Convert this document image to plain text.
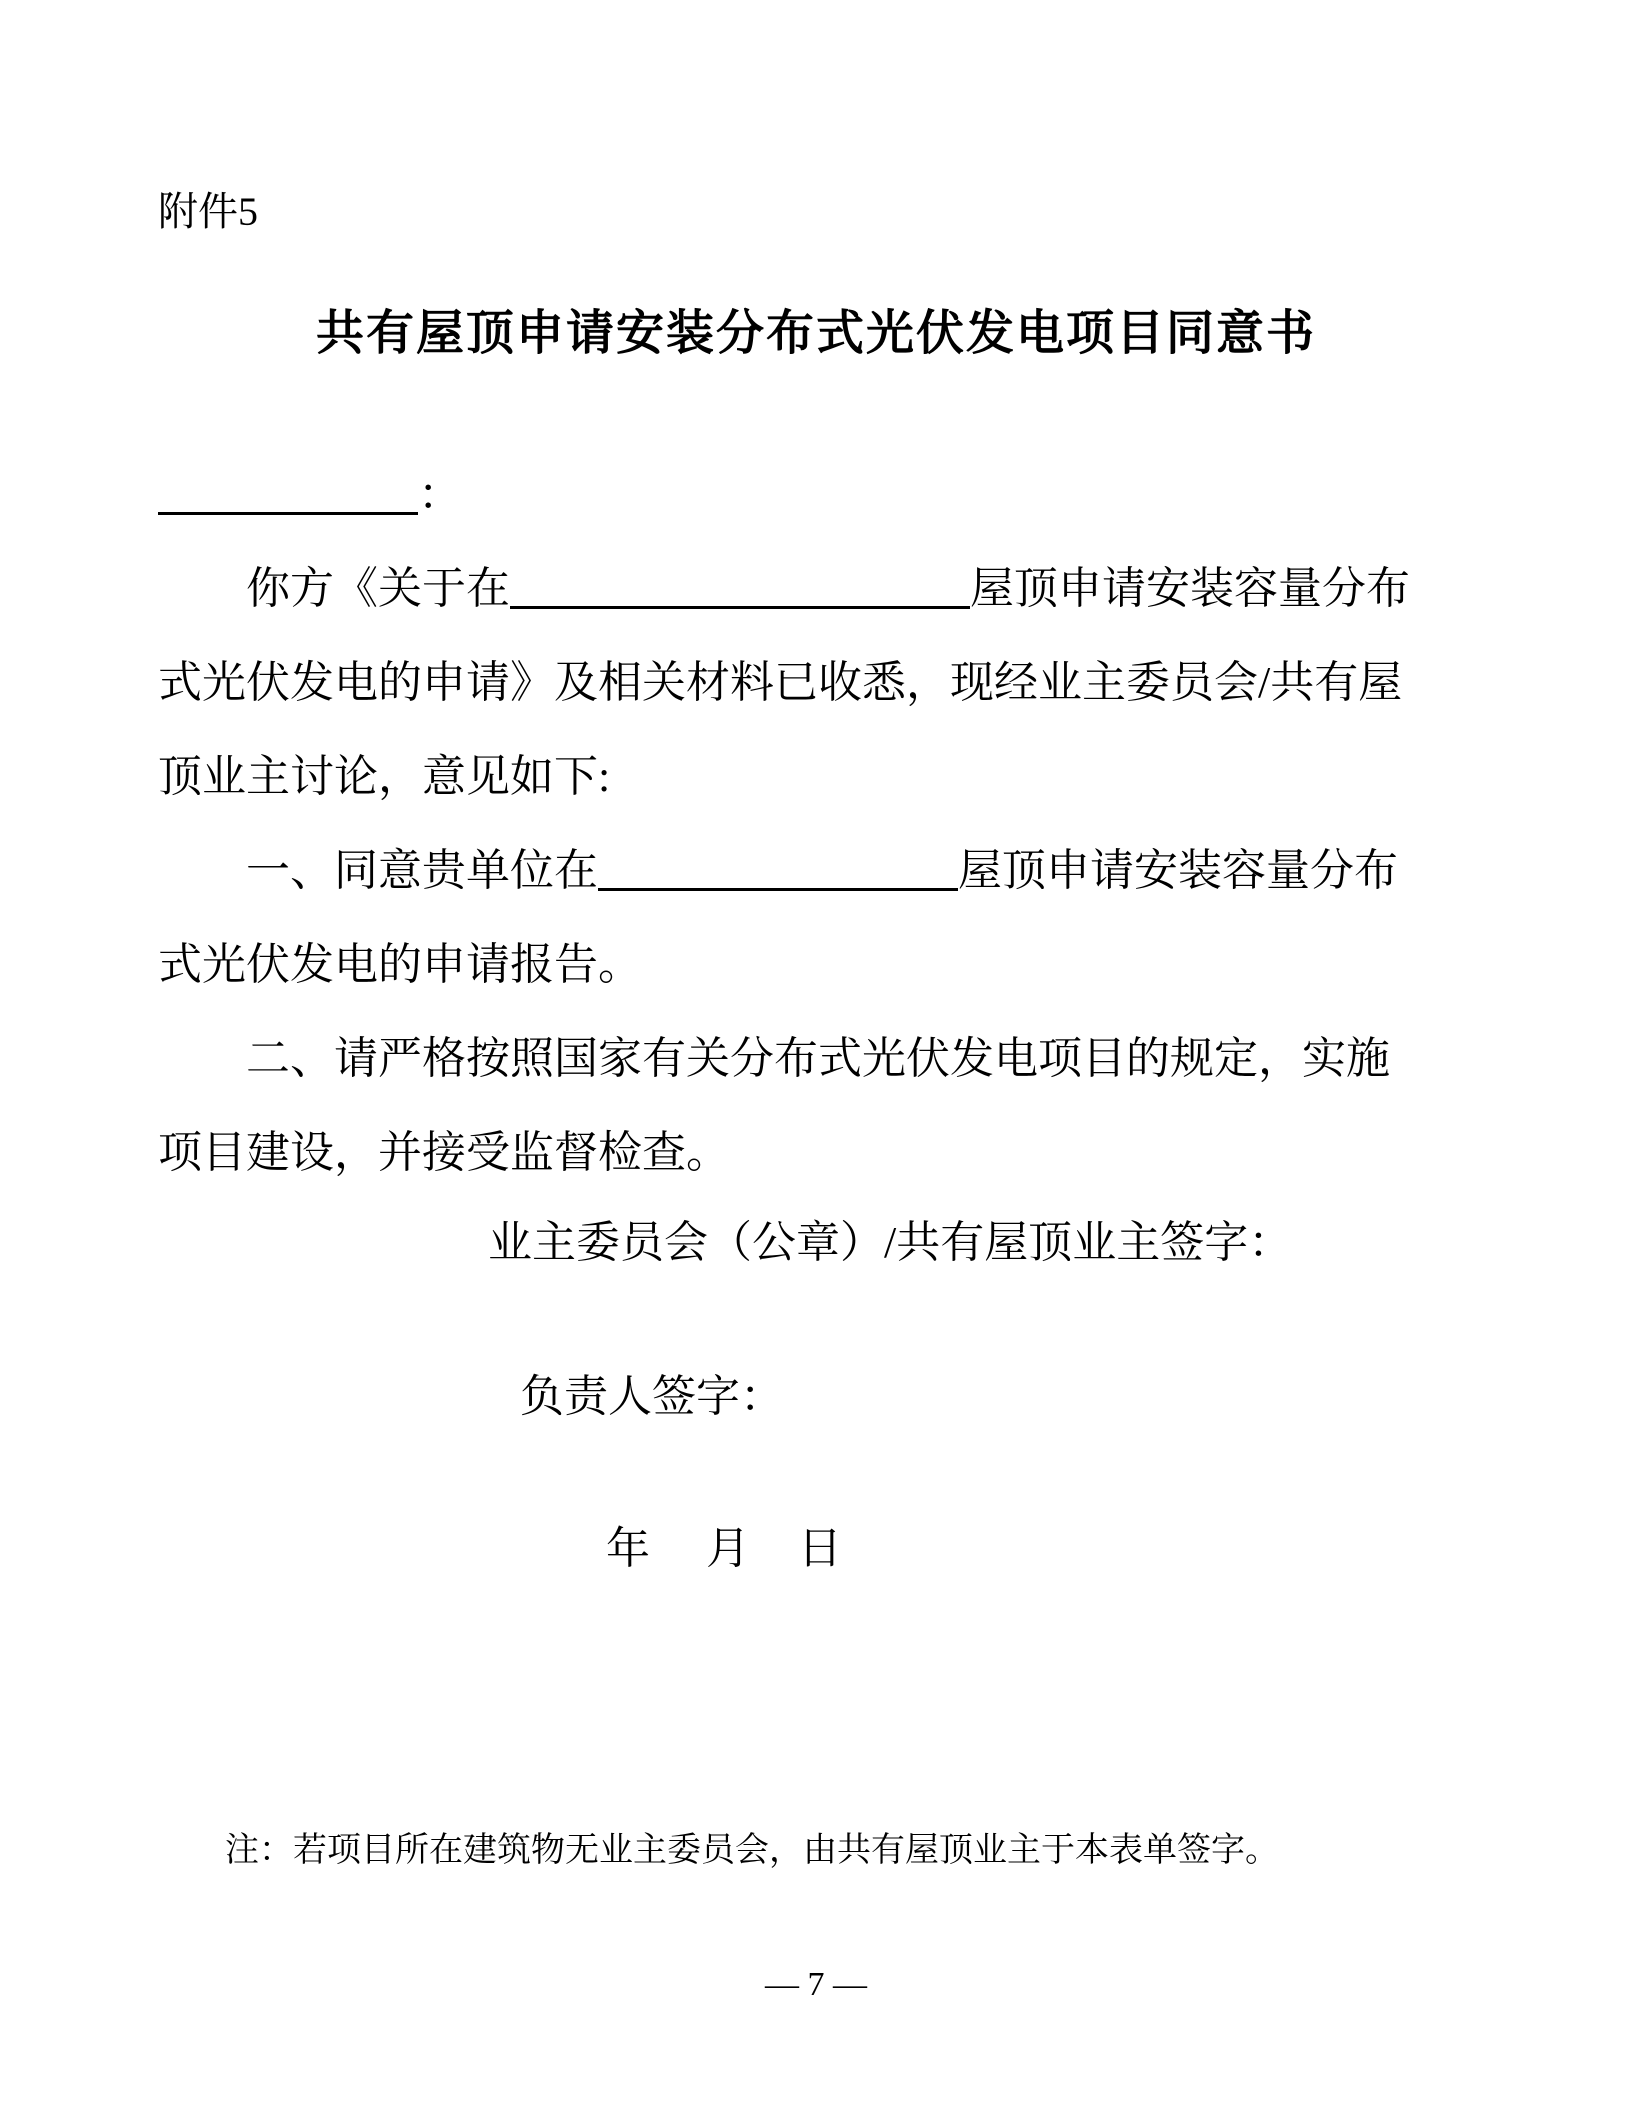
附件5
共有屋顶申请安装分布式光伏发电项目同意书
：
你方《关于在	屋顶申请安装容量分布
式光伏发电的申请》及相关材料已收悉，现经业主委员会/共有屋
顶业主讨论，意见如下:
一、同意贵单位在	屋顶申请安装容量分布
式光伏发电的申请报告。
二、请严格按照国家有关分布式光伏发电项目的规定，实施
项目建设，并接受监督检查。
业主委员会（公章）/共有屋顶业主签字：
负责人签字：
年 月 日
注：若项目所在建筑物无业主委员会，由共有屋顶业主于本表单签字。
— 7 —
